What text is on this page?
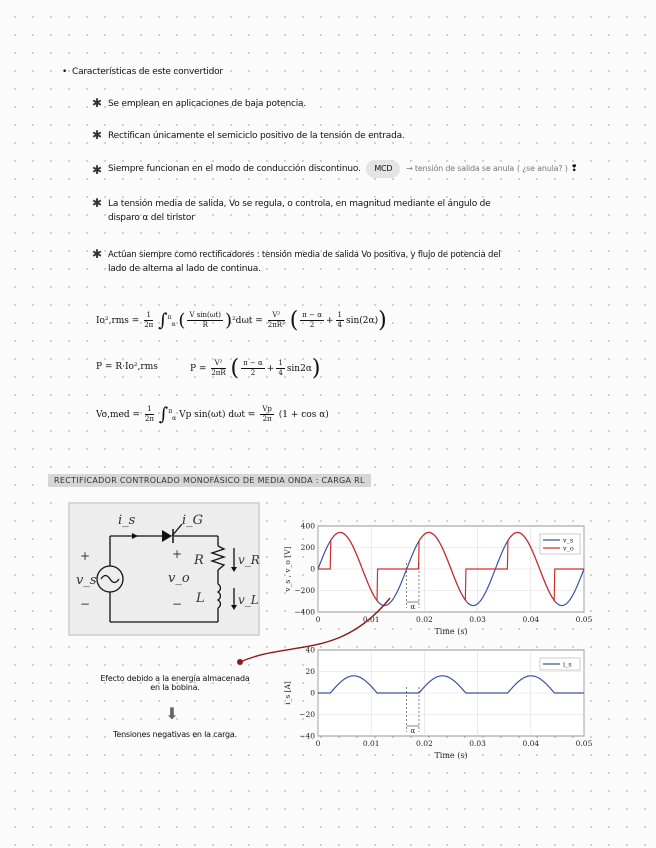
• Características de este convertidor
✱ Se emplean en aplicaciones de baja potencia.
✱ Rectifican únicamente el semiciclo positivo de la tensión de entrada.
✱ Siempre funcionan en el modo de conducción discontinuo. MCD → tensión de salida se anula ( ¿se anula? ) ❢
✱ La tensión media de salida, Vo se regula, o controla, en magnitud mediante el ángulo de
disparo α del tiristor
✱ Actúan siempre como rectificadores : tensión media de salida Vo positiva, y flujo de potencia del
lado de alterna al lado de continua.
$Io^2,rms = \frac{1}{2\pi} \int^\pi_\alpha$ ( $\frac{\text{V sin(ωt)}}{R} )^2d\omega t = \frac{\text{V²}}{\text{2πR²}}$ ( $\frac{\pi - \alpha}{2} + \frac{1}{4} \sin(2\alpha)$)
P = R·Io²,rms	$P = \frac{\text{V²}}{2\pi R}$ ( $\frac{\pi - \alpha}{2} + \frac{1}{4} \sin 2\alpha$)
$Vo,med = \frac{1}{2\pi} \int^\pi_\alpha$ Vp sin(ωt) $d\omega t = \frac{Vp}{2\pi} (1 + \cos \alpha)$
RECTIFICADOR CONTROLADO MONOFÁSICO DE MEDIA ONDA : CARGA RL
i_s	i_G
+
v_s
−
+
v_o
−
R
L
v_R
v_L
0	0.01	0.02	0.03	0.04	0.05
400
200
0
−200
−400
α
v_s
v_o
Time (s)
v_s , v_o [V]
0	0.01	0.02	0.03	0.04	0.05
40
20
0
−20
−40
α
i_s
Time (s)
i_s [A]
Efecto debido a la energía almacenada
en la bobina.
⬇
Tensiones negativas en la carga.
